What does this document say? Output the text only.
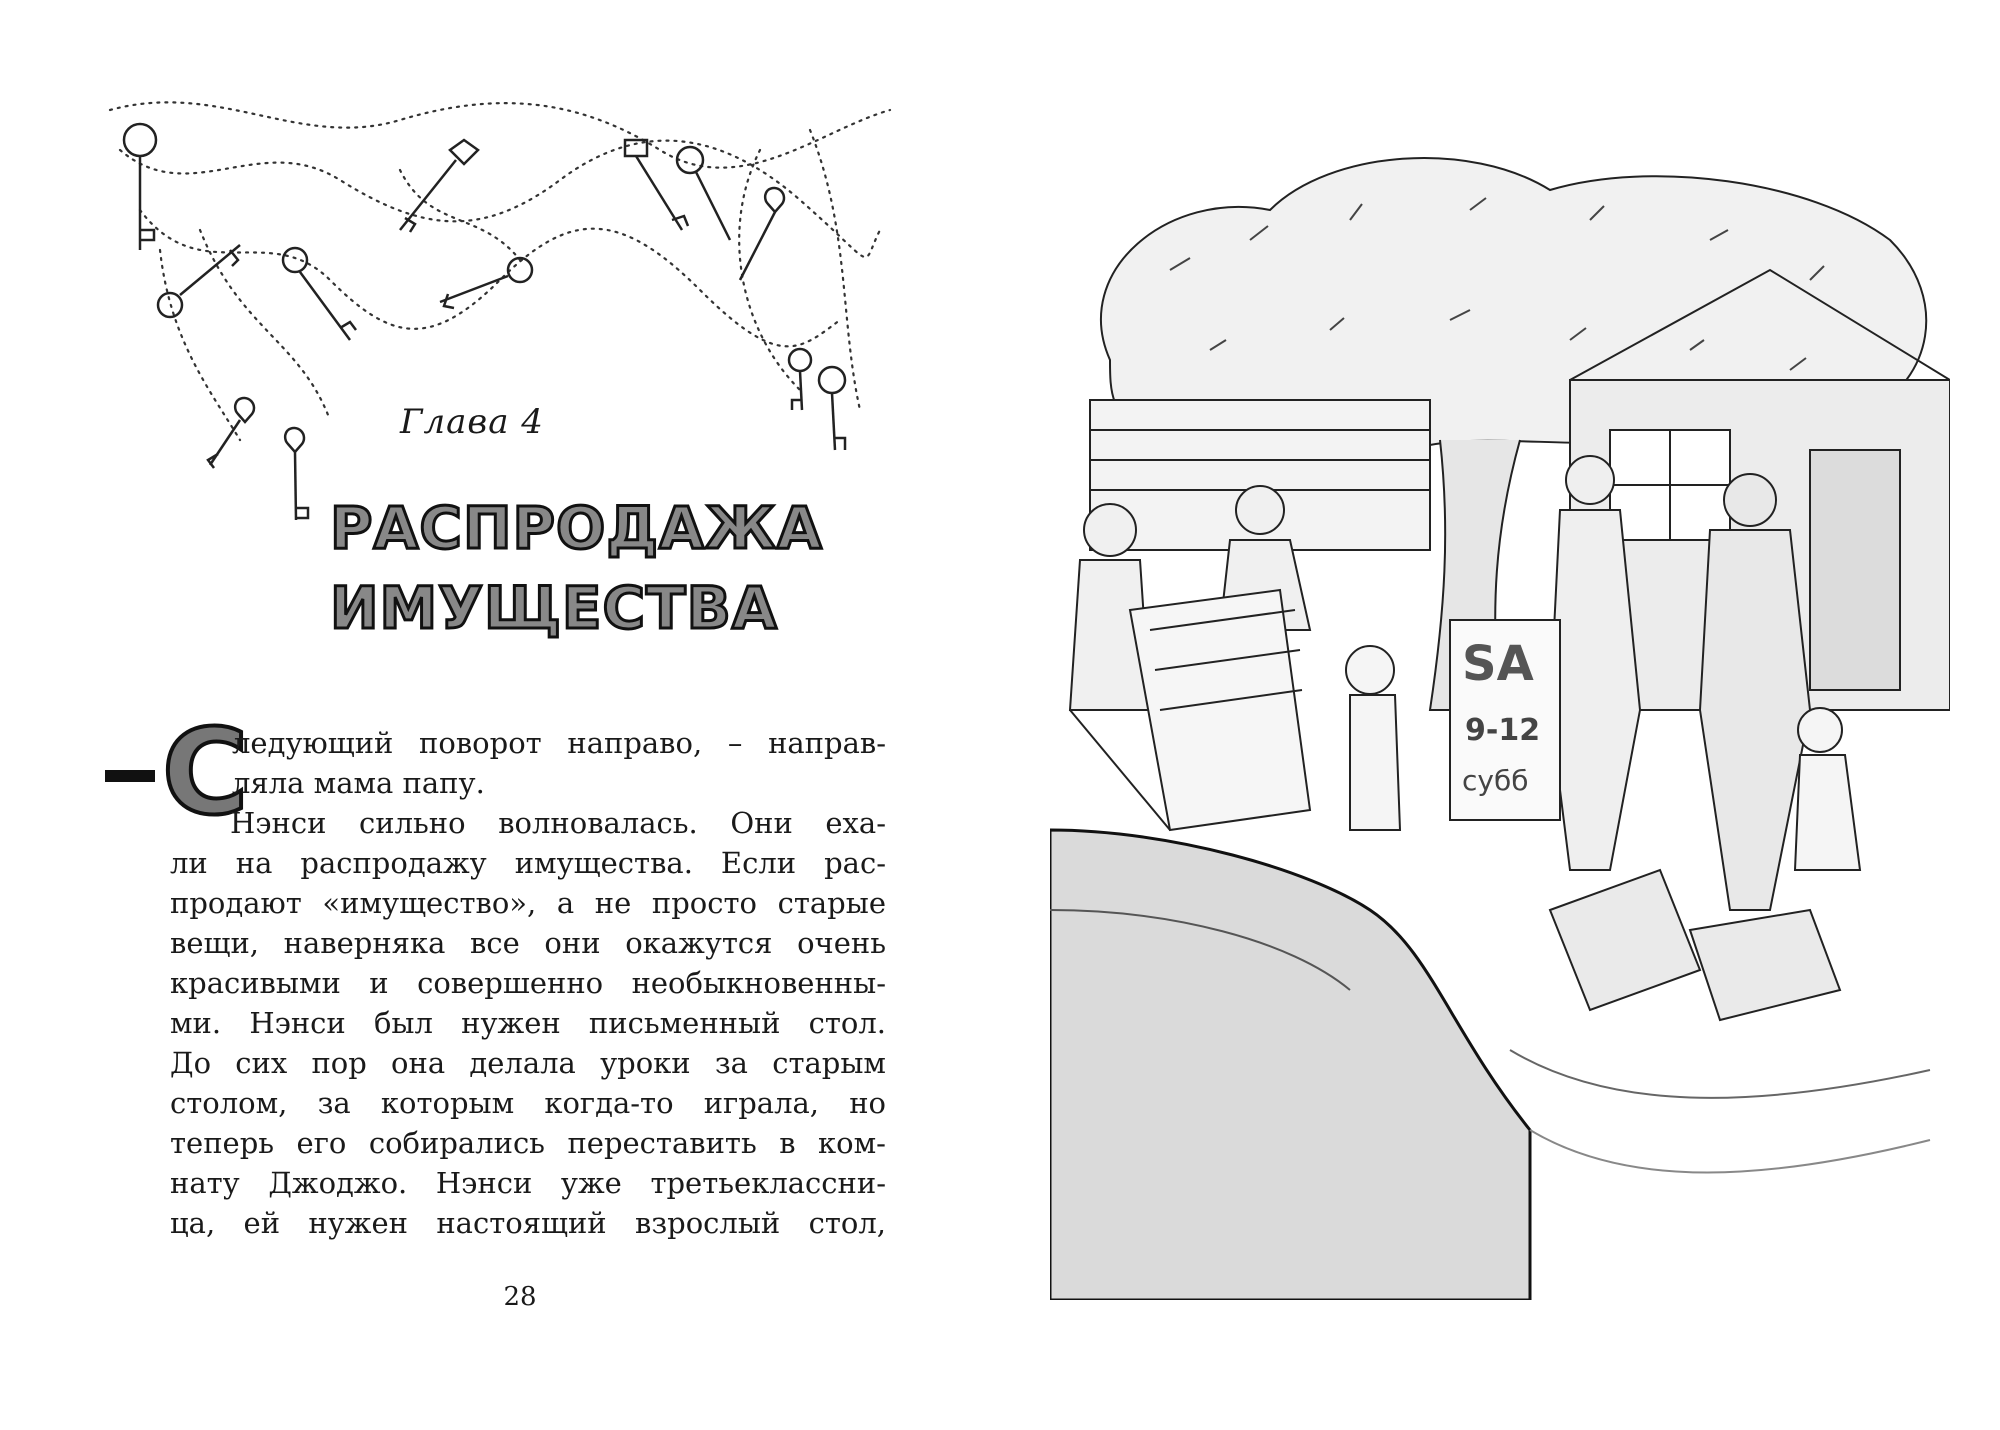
Глава 4
РАСПРОДАЖА
ИМУЩЕСТВА
С
ледующий поворот направо, – направ-
ляла мама папу.
Нэнси сильно волновалась. Они еха-
ли на распродажу имущества. Если рас-
продают «имущество», а не просто старые
вещи, наверняка все они окажутся очень
красивыми и совершенно необыкновенны-
ми. Нэнси был нужен письменный стол.
До сих пор она делала уроки за старым
столом, за которым когда-то играла, но
теперь его собирались переставить в ком-
нату Джоджо. Нэнси уже третьеклассни-
ца, ей нужен настоящий взрослый стол,
28
SA
9-12
субб
